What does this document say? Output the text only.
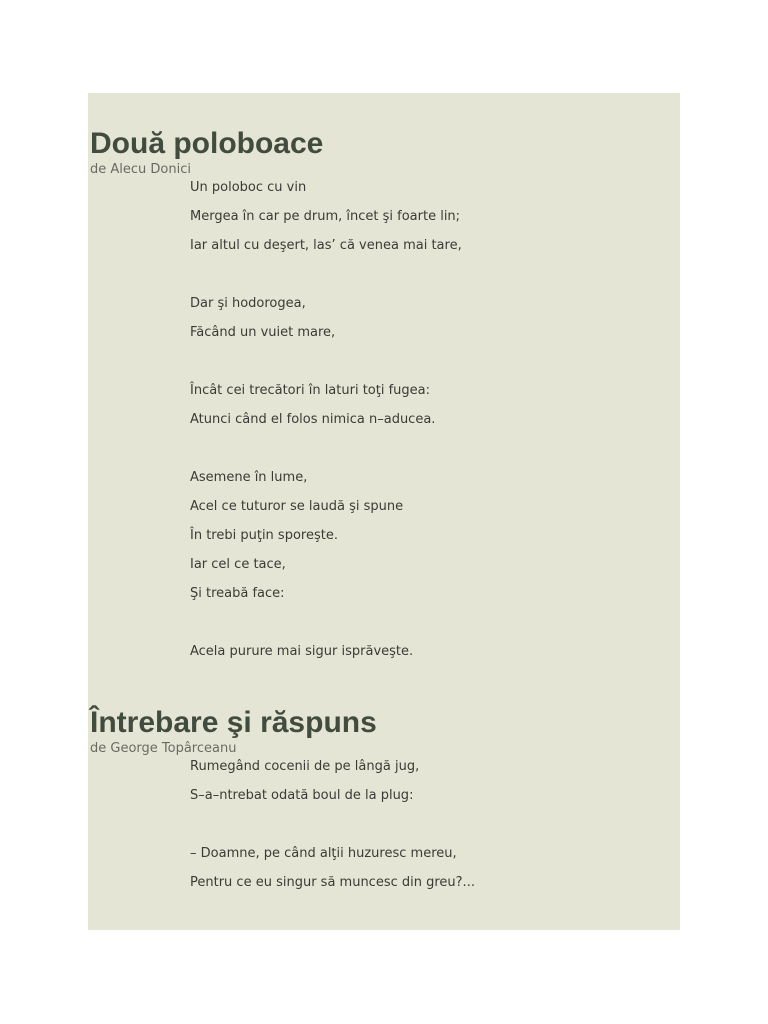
Două poloboace
de Alecu Donici
Un poloboc cu vin
Mergea în car pe drum, încet şi foarte lin;
Iar altul cu deşert, las’ că venea mai tare,
Dar şi hodorogea,
Făcând un vuiet mare,
Încât cei trecători în laturi toţi fugea:
Atunci când el folos nimica n–aducea.
Asemene în lume,
Acel ce tuturor se laudă şi spune
În trebi puţin sporeşte.
Iar cel ce tace,
Şi treabă face:
Acela purure mai sigur isprăveşte.
Întrebare şi răspuns
de George Topârceanu
Rumegând cocenii de pe lângă jug,
S–a–ntrebat odată boul de la plug:
– Doamne, pe când alţii huzuresc mereu,
Pentru ce eu singur să muncesc din greu?...
